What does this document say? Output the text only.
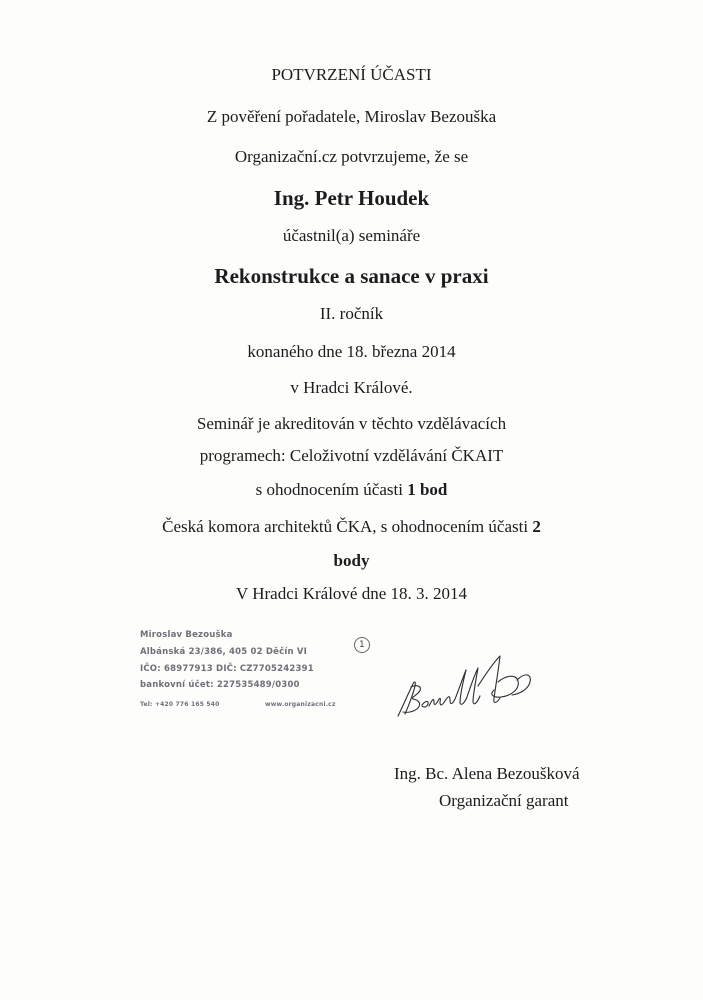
POTVRZENÍ ÚČASTI
Z pověření pořadatele, Miroslav Bezouška
Organizační.cz potvrzujeme, že se
Ing. Petr Houdek
účastnil(a) semináře
Rekonstrukce a sanace v praxi
II. ročník
konaného dne 18. března 2014
v Hradci Králové.
Seminář je akreditován v těchto vzdělávacích
programech: Celoživotní vzdělávání ČKAIT
s ohodnocením účasti 1 bod
Česká komora architektů ČKA, s ohodnocením účasti 2
body
V Hradci Králové dne 18. 3. 2014
Miroslav Bezouška
Albánská 23/386, 405 02 Děčín VI
IČO: 68977913 DIČ: CZ7705242391
bankovní účet: 227535489/0300
Tel: +420 776 165 540	www.organizacni.cz
1
Ing. Bc. Alena Bezoušková
Organizační garant
